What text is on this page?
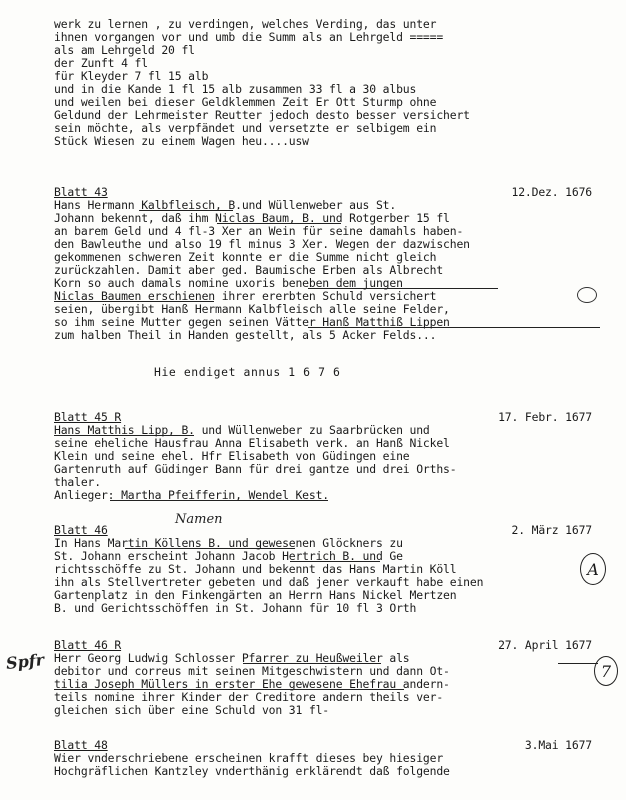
werk zu lernen , zu verdingen, welches Verding, das unter
ihnen vorgangen vor und umb die Summ als an Lehrgeld =====
als am Lehrgeld 20 fl
der Zunft 4 fl
für Kleyder 7 fl 15 alb
und in die Kande 1 fl 15 alb zusammen 33 fl a 30 albus
und weilen bei dieser Geldklemmen Zeit Er Ott Sturmp ohne
Geldund der Lehrmeister Reutter jedoch desto besser versichert
sein möchte, als verpfändet und versetzte er selbigem ein
Stück Wiesen zu einem Wagen heu....usw
Blatt 43	12.Dez. 1676
Hans Hermann Kalbfleisch, B.und Wüllenweber aus St.
Johann bekennt, daß ihm Niclas Baum, B. und Rotgerber 15 fl
an barem Geld und 4 fl-3 Xer an Wein für seine damahls haben-
den Bawleuthe und also 19 fl minus 3 Xer. Wegen der dazwischen
gekommenen schweren Zeit konnte er die Summe nicht gleich
zurückzahlen. Damit aber ged. Baumische Erben als Albrecht
Korn so auch damals nomine uxoris beneben dem jungen
Niclas Baumen erschienen ihrer ererbten Schuld versichert
seien, übergibt Hanß Hermann Kalbfleisch alle seine Felder,
so ihm seine Mutter gegen seinen Vätter Hanß Matthiß Lippen
zum halben Theil in Handen gestellt, als 5 Acker Felds...
Hie endiget annus 1 6 7 6
Blatt 45 R	17. Febr. 1677
Hans Matthis Lipp, B. und Wüllenweber zu Saarbrücken und
seine eheliche Hausfrau Anna Elisabeth verk. an Hanß Nickel
Klein und seine ehel. Hfr Elisabeth von Güdingen eine
Gartenruth auf Güdinger Bann für drei gantze und drei Orths-
thaler.
Anlieger: Martha Pfeifferin, Wendel Kest.
Blatt 46	2. März 1677
In Hans Martin Köllens B. und gewesenen Glöckners zu
St. Johann erscheint Johann Jacob Hertrich B. und Ge
richtsschöffe zu St. Johann und bekennt das Hans Martin Köll
ihn als Stellvertreter gebeten und daß jener verkauft habe einen
Gartenplatz in den Finkengärten an Herrn Hans Nickel Mertzen
B. und Gerichtsschöffen in St. Johann für 10 fl 3 Orth
Blatt 46 R	27. April 1677
Herr Georg Ludwig Schlosser Pfarrer zu Heußweiler als
debitor und correus mit seinen Mitgeschwistern und dann Ot-
tilia Joseph Müllers in erster Ehe gewesene Ehefrau andern-
teils nomine ihrer Kinder der Creditore andern theils ver-
gleichen sich über eine Schuld von 31 fl-
Blatt 48	3.Mai 1677
Wier vnderschriebene erscheinen krafft dieses bey hiesiger
Hochgräflichen Kantzley vnderthänig erklärendt daß folgende
Namen
Spfr
A
7
